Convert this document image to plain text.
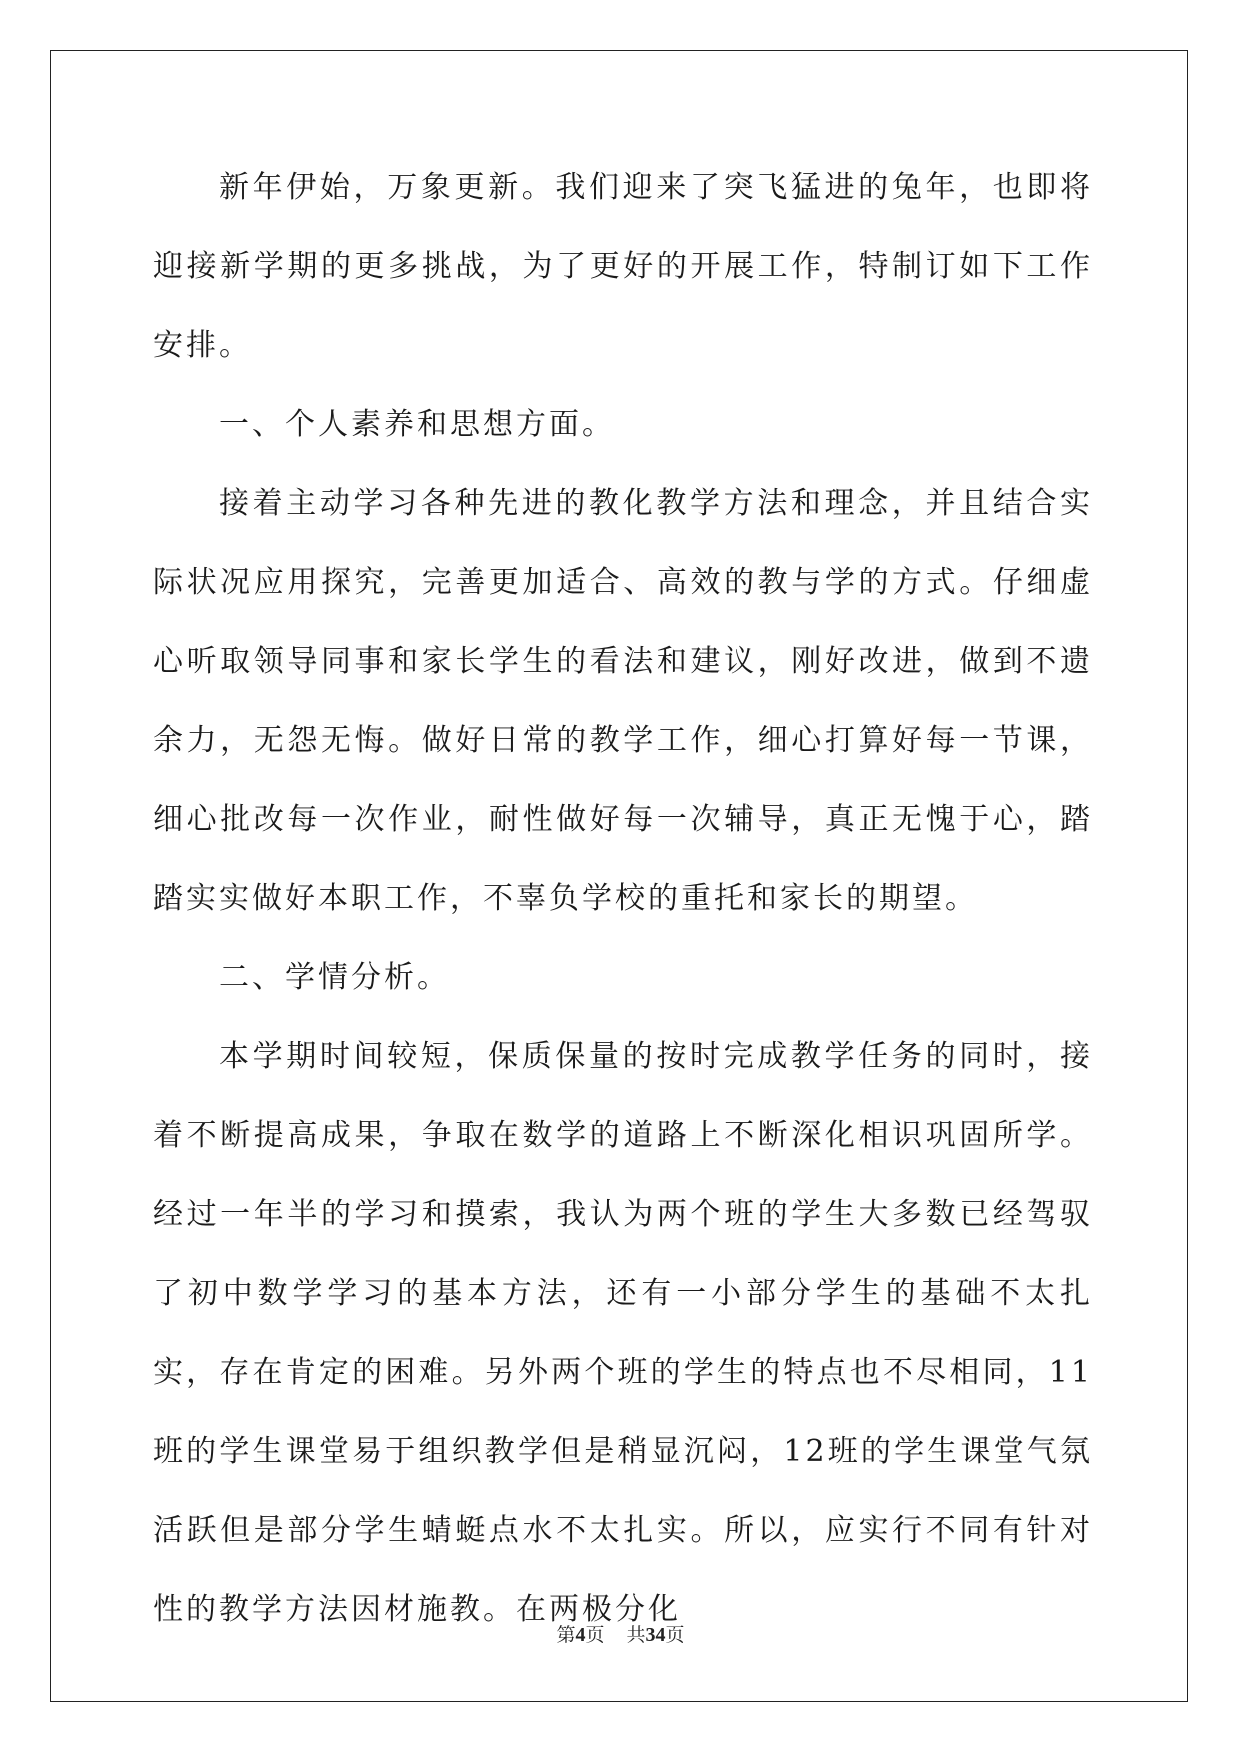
新年伊始，万象更新。我们迎来了突飞猛进的兔年，也即将迎接新学期的更多挑战，为了更好的开展工作，特制订如下工作安排。

一、个人素养和思想方面。

接着主动学习各种先进的教化教学方法和理念，并且结合实际状况应用探究，完善更加适合、高效的教与学的方式。仔细虚心听取领导同事和家长学生的看法和建议，刚好改进，做到不遗余力，无怨无悔。做好日常的教学工作，细心打算好每一节课，细心批改每一次作业，耐性做好每一次辅导，真正无愧于心，踏踏实实做好本职工作，不辜负学校的重托和家长的期望。

二、学情分析。

本学期时间较短，保质保量的按时完成教学任务的同时，接着不断提高成果，争取在数学的道路上不断深化相识巩固所学。经过一年半的学习和摸索，我认为两个班的学生大多数已经驾驭了初中数学学习的基本方法，还有一小部分学生的基础不太扎实，存在肯定的困难。另外两个班的学生的特点也不尽相同，11班的学生课堂易于组织教学但是稍显沉闷，12班的学生课堂气氛活跃但是部分学生蜻蜓点水不太扎实。所以，应实行不同有针对性的教学方法因材施教。在两极分化

第4页 共34页
